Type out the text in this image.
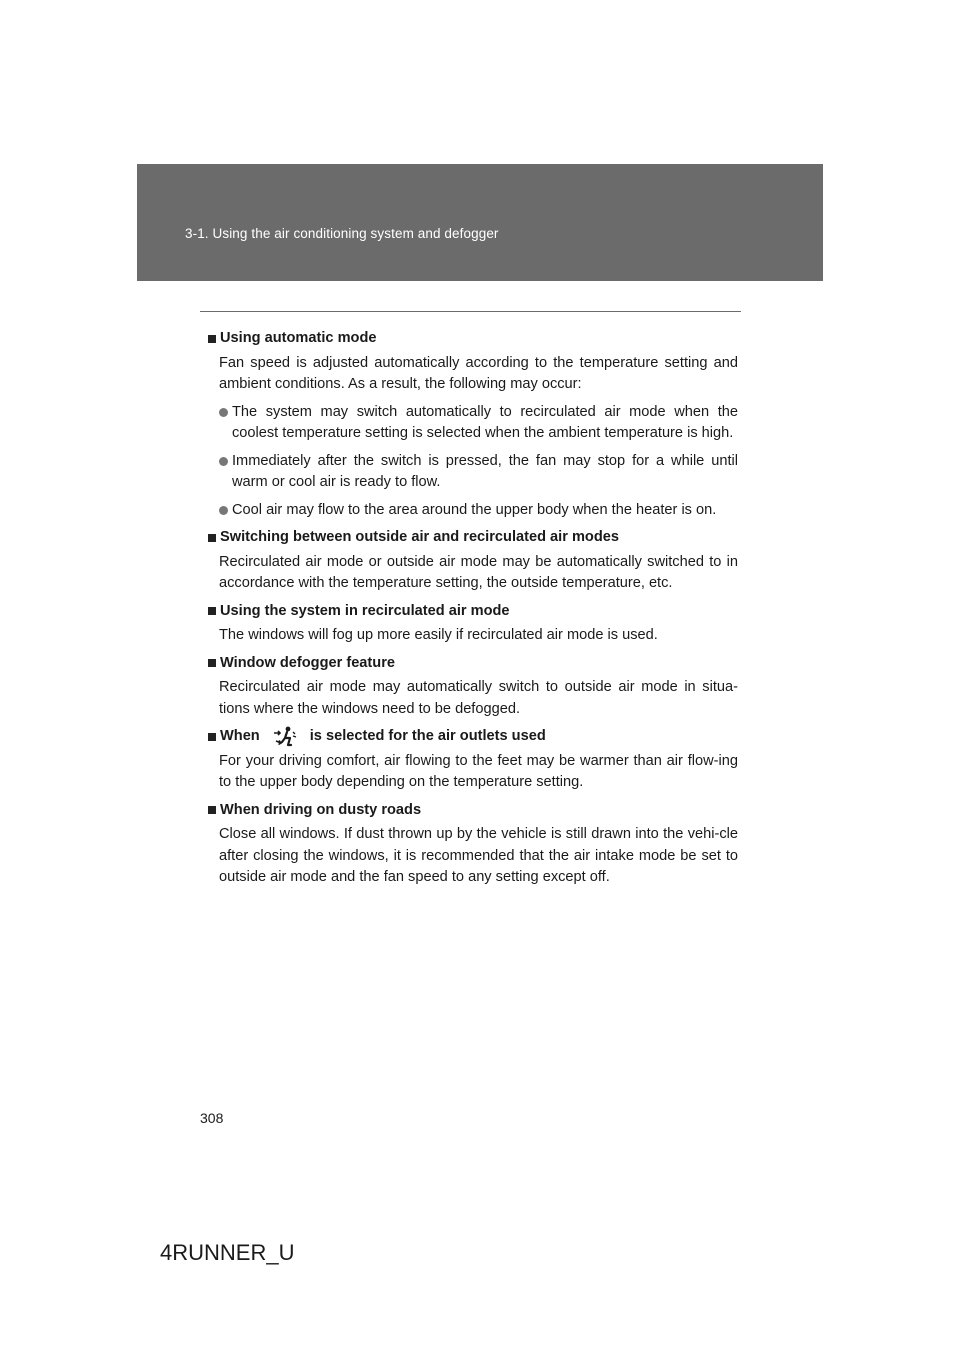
3-1. Using the air conditioning system and defogger
Using automatic mode
Fan speed is adjusted automatically according to the temperature setting and ambient conditions. As a result, the following may occur:
The system may switch automatically to recirculated air mode when the coolest temperature setting is selected when the ambient temperature is high.
Immediately after the switch is pressed, the fan may stop for a while until warm or cool air is ready to flow.
Cool air may flow to the area around the upper body when the heater is on.
Switching between outside air and recirculated air modes
Recirculated air mode or outside air mode may be automatically switched to in accordance with the temperature setting, the outside temperature, etc.
Using the system in recirculated air mode
The windows will fog up more easily if recirculated air mode is used.
Window defogger feature
Recirculated air mode may automatically switch to outside air mode in situa-tions where the windows need to be defogged.
When	is selected for the air outlets used
For your driving comfort, air flowing to the feet may be warmer than air flow-ing to the upper body depending on the temperature setting.
When driving on dusty roads
Close all windows. If dust thrown up by the vehicle is still drawn into the vehi-cle after closing the windows, it is recommended that the air intake mode be set to outside air mode and the fan speed to any setting except off.
308
4RUNNER_U
